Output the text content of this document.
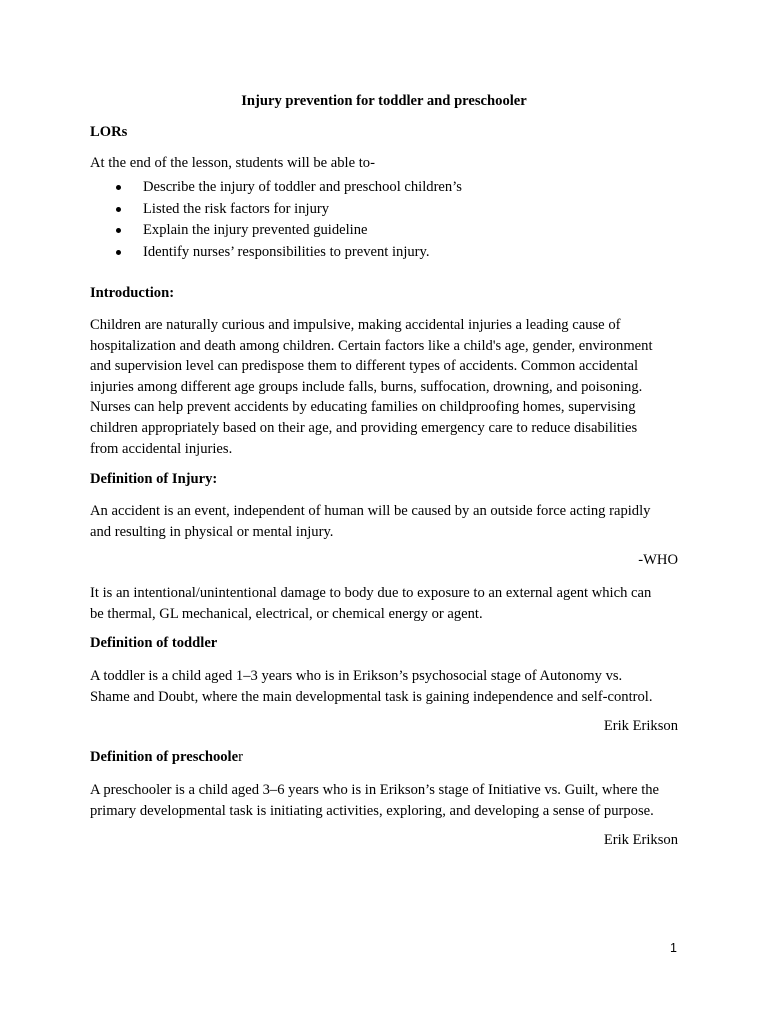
Injury prevention for toddler and preschooler

LORs

At the end of the lesson, students will be able to-

Describe the injury of toddler and preschool children’s
Listed the risk factors for injury
Explain the injury prevented guideline
Identify nurses’ responsibilities to prevent injury.

Introduction:

Children are naturally curious and impulsive, making accidental injuries a leading cause of
hospitalization and death among children. Certain factors like a child's age, gender, environment
and supervision level can predispose them to different types of accidents. Common accidental
injuries among different age groups include falls, burns, suffocation, drowning, and poisoning.
Nurses can help prevent accidents by educating families on childproofing homes, supervising
children appropriately based on their age, and providing emergency care to reduce disabilities
from accidental injuries.

Definition of Injury:

An accident is an event, independent of human will be caused by an outside force acting rapidly
and resulting in physical or mental injury.

-WHO

It is an intentional/unintentional damage to body due to exposure to an external agent which can
be thermal, GL mechanical, electrical, or chemical energy or agent.

Definition of toddler

A toddler is a child aged 1–3 years who is in Erikson’s psychosocial stage of Autonomy vs.
Shame and Doubt, where the main developmental task is gaining independence and self-control.

Erik Erikson

Definition of preschooler

A preschooler is a child aged 3–6 years who is in Erikson’s stage of Initiative vs. Guilt, where the
primary developmental task is initiating activities, exploring, and developing a sense of purpose.

Erik Erikson

1
